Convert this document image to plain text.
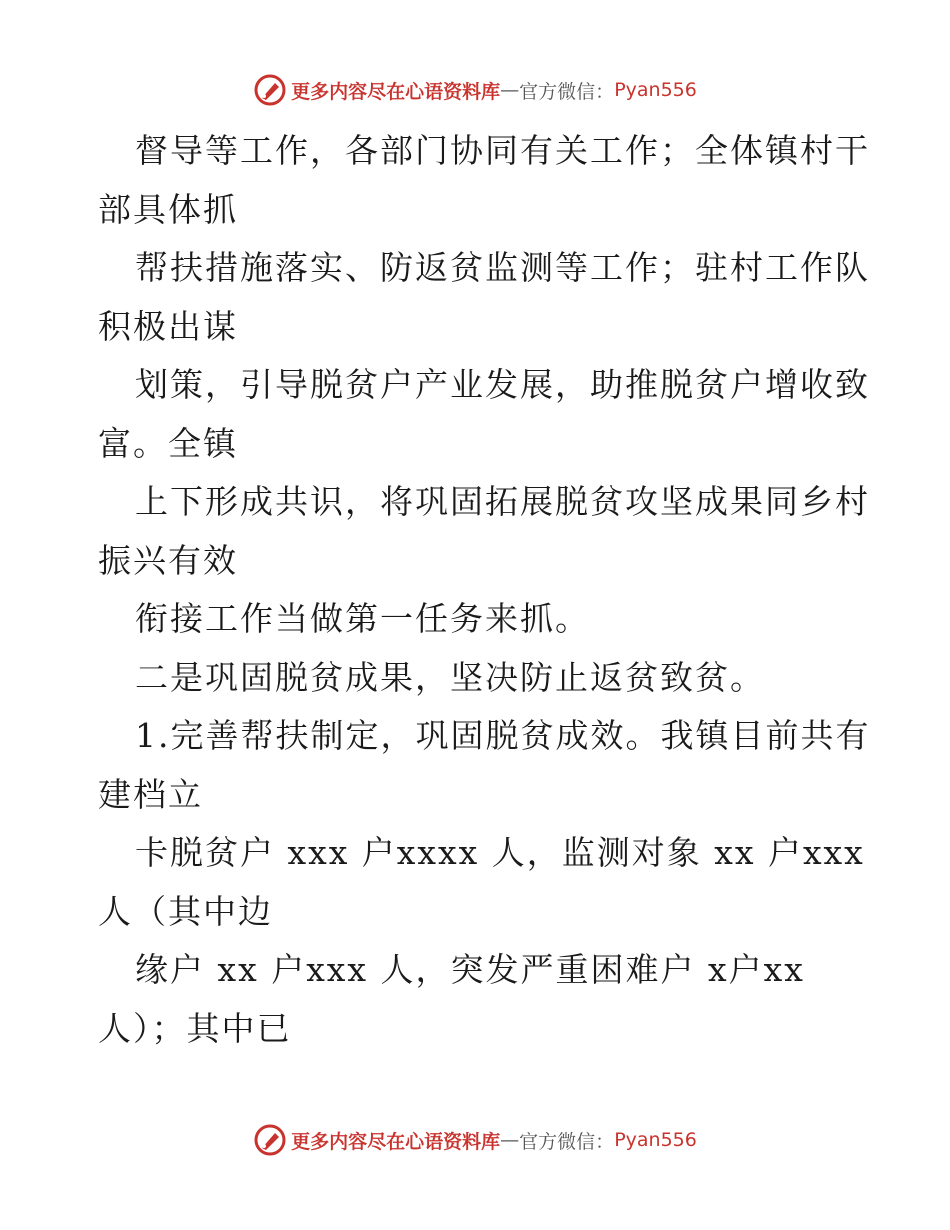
更多内容尽在心语资料库 — 官方微信： Pyan556
督导等工作，各部门协同有关工作；全体镇村干
部具体抓
帮扶措施落实、防返贫监测等工作；驻村工作队
积极出谋
划策，引导脱贫户产业发展，助推脱贫户增收致
富。全镇
上下形成共识，将巩固拓展脱贫攻坚成果同乡村
振兴有效
衔接工作当做第一任务来抓。
二是巩固脱贫成果，坚决防止返贫致贫。
1.完善帮扶制定，巩固脱贫成效。我镇目前共有
建档立
卡脱贫户 xxx 户xxxx 人，监测对象 xx 户xxx
人（其中边
缘户 xx 户xxx 人，突发严重困难户 x户xx
人）；其中已
更多内容尽在心语资料库 — 官方微信： Pyan556
